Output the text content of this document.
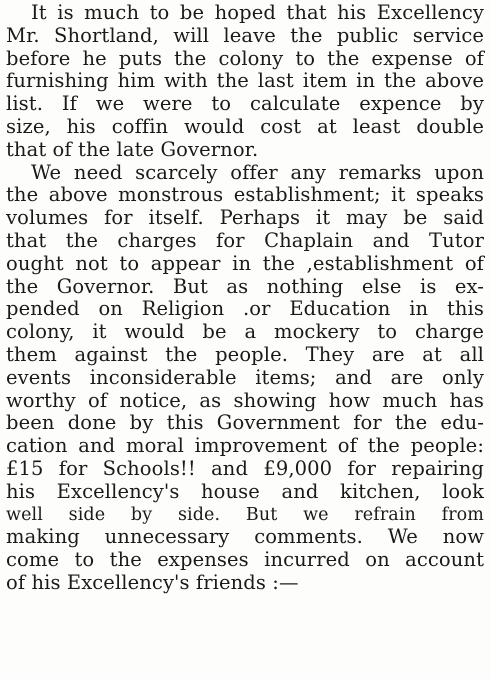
It is much to be hoped that his Excellency
Mr. Shortland, will leave the public service
before he puts the colony to the expense of
furnishing him with the last item in the above
list. If we were to calculate expence by
size, his coffin would cost at least double
that of the late Governor.
We need scarcely offer any remarks upon
the above monstrous establishment; it speaks
volumes for itself. Perhaps it may be said
that the charges for Chaplain and Tutor
ought not to appear in the ,establishment of
the Governor. But as nothing else is ex-
pended on Religion .or Education in this
colony, it would be a mockery to charge
them against the people. They are at all
events inconsiderable items; and are only
worthy of notice, as showing how much has
been done by this Government for the edu-
cation and moral improvement of the people:
£15 for Schools!! and £9,000 for repairing
his Excellency's house and kitchen, look
well side by side. But we refrain from
making unnecessary comments. We now
come to the expenses incurred on account
of his Excellency's friends :—
